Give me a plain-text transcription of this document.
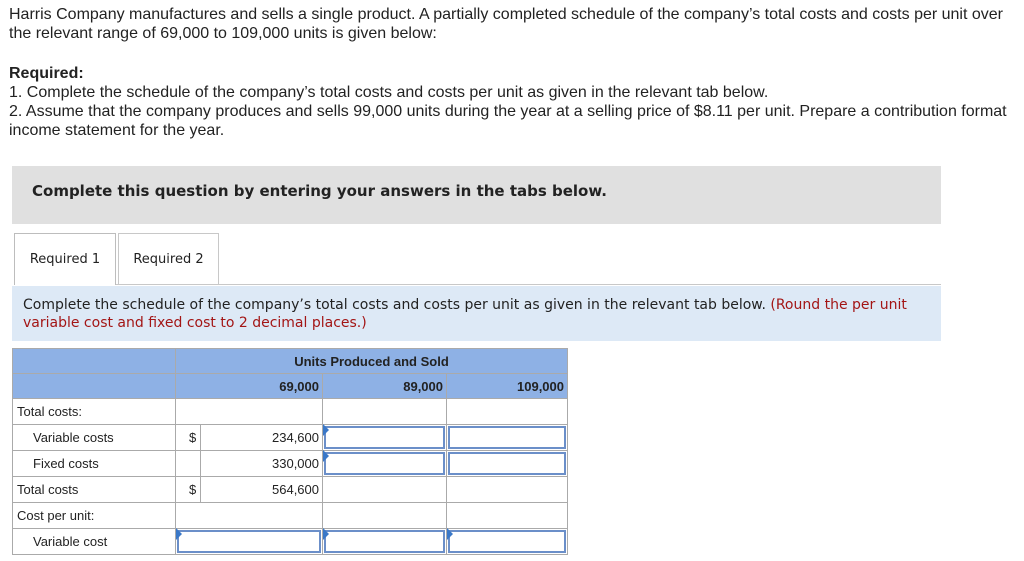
Harris Company manufactures and sells a single product. A partially completed schedule of the company’s total costs and costs per unit over the relevant range of 69,000 to 109,000 units is given below:

Required:

1. Complete the schedule of the company’s total costs and costs per unit as given in the relevant tab below.

2. Assume that the company produces and sells 99,000 units during the year at a selling price of $8.11 per unit. Prepare a contribution format income statement for the year.

Complete this question by entering your answers in the tabs below.
Required 1	Required 2

Complete the schedule of the company’s total costs and costs per unit as given in the relevant tab below. (Round the per unit variable cost and fixed cost to 2 decimal places.)

	Units Produced and Sold			
	69,000		89,000	109,000
Total costs:				
Variable costs	$	234,600	

Fixed costs		330,000	

Total costs	$	564,600		
Cost per unit:				
Variable cost		
